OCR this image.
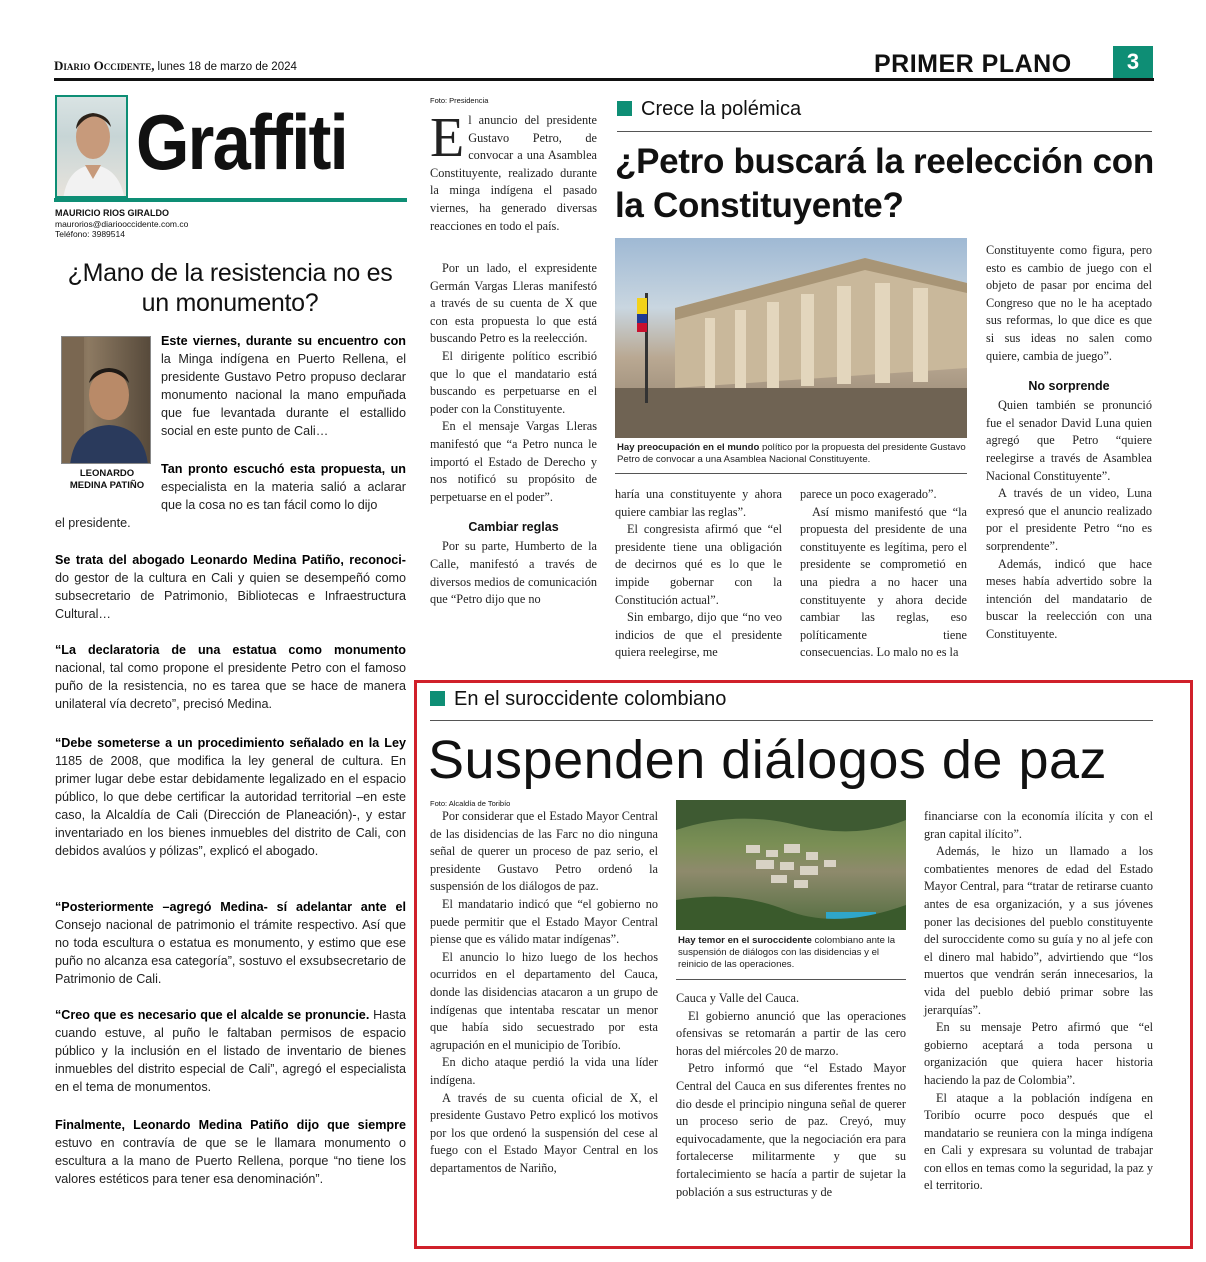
Diario Occidente, lunes 18 de marzo de 2024	PRIMER PLANO	3
Graffiti
MAURICIO RIOS GIRALDO
maurorios@diariooccidente.com.co
Teléfono: 3989514
¿Mano de la resistencia no es un monumento?
LEONARDO MEDINA PATIÑO
Este viernes, durante su encuentro con la Minga indígena en Puerto Rellena, el presidente Gustavo Petro propuso declarar monumento nacional la mano empuñada que fue levantada durante el estallido social en este punto de Cali…
Tan pronto escuchó esta propuesta, un especialista en la materia salió a aclarar que la cosa no es tan fácil como lo dijo
el presidente.
Se trata del abogado Leonardo Medina Patiño, reconoci- do gestor de la cultura en Cali y quien se desempeñó como subsecretario de Patrimonio, Bibliotecas e Infraestructura Cultural…
“La declaratoria de una estatua como monumento nacional, tal como propone el presidente Petro con el famoso puño de la resistencia, no es tarea que se hace de manera unilateral vía decreto”, precisó Medina.
“Debe someterse a un procedimiento señalado en la Ley 1185 de 2008, que modifica la ley general de cultura. En primer lugar debe estar debidamente legalizado en el espacio público, lo que debe certificar la autoridad territorial –en este caso, la Alcaldía de Cali (Dirección de Planeación)-, y estar inventariado en los bienes inmuebles del distrito de Cali, con debidos avalúos y pólizas”, explicó el abogado.
“Posteriormente –agregó Medina- sí adelantar ante el Consejo nacional de patrimonio el trámite respectivo. Así que no toda escultura o estatua es monumento, y estimo que ese puño no alcanza esa categoría”, sostuvo el exsubsecretario de Patrimonio de Cali.
“Creo que es necesario que el alcalde se pronuncie. Hasta cuando estuve, al puño le faltaban permisos de espacio público y la inclusión en el listado de inventario de bienes inmuebles del distrito especial de Cali”, agregó el especialista en el tema de monumentos.
Finalmente, Leonardo Medina Patiño dijo que siempre estuvo en contravía de que se le llamara monumento o escultura a la mano de Puerto Rellena, porque “no tiene los valores estéticos para tener esa denominación”.
Foto: Presidencia
E l anuncio del presidente Gustavo Petro, de convocar a una Asamblea Constituyente, realizado durante la minga indígena el pasado viernes, ha generado diversas reacciones en todo el país.

Por un lado, el expresidente Germán Vargas Lleras manifestó a través de su cuenta de X que con esta propuesta lo que está buscando Petro es la reelección.

El dirigente político escribió que lo que el mandatario está buscando es perpetuarse en el poder con la Constituyente.

En el mensaje Vargas Lleras manifestó que “a Petro nunca le importó el Estado de Derecho y nos notificó su propósito de perpetuarse en el poder”.

Cambiar reglas

Por su parte, Humberto de la Calle, manifestó a través de diversos medios de comunicación que “Petro dijo que no

Crece la polémica
¿Petro buscará la reelección con la Constituyente?
Hay preocupación en el mundo político por la propuesta del presidente Gustavo Petro de convocar a una Asamblea Nacional Constituyente.

haría una constituyente y ahora quiere cambiar las reglas”.

El congresista afirmó que “el presidente tiene una obligación de decirnos qué es lo que le impide gobernar con la Constitución actual”.

Sin embargo, dijo que “no veo indicios de que el presidente quiera reelegirse, me

parece un poco exagerado”.

Así mismo manifestó que “la propuesta del presidente de una constituyente es legítima, pero el presidente se comprometió en una piedra a no hacer una constituyente y ahora decide cambiar las reglas, eso políticamente tiene consecuencias. Lo malo no es la

Constituyente como figura, pero esto es cambio de juego con el objeto de pasar por encima del Congreso que no le ha aceptado sus reformas, lo que dice es que si sus ideas no salen como quiere, cambia de juego”.

No sorprende

Quien también se pronunció fue el senador David Luna quien agregó que Petro “quiere reelegirse a través de Asamblea Nacional Constituyente”.

A través de un video, Luna expresó que el anuncio realizado por el presidente Petro “no es sorprendente”.

Además, indicó que hace meses había advertido sobre la intención del mandatario de buscar la reelección con una Constituyente.

En el suroccidente colombiano
Suspenden diálogos de paz
Foto: Alcaldía de Toribío

Por considerar que el Estado Mayor Central de las disidencias de las Farc no dio ninguna señal de querer un proceso de paz serio, el presidente Gustavo Petro ordenó la suspensión de los diálogos de paz.

El mandatario indicó que “el gobierno no puede permitir que el Estado Mayor Central piense que es válido matar indígenas”.

El anuncio lo hizo luego de los hechos ocurridos en el departamento del Cauca, donde las disidencias atacaron a un grupo de indígenas que intentaba rescatar un menor que había sido secuestrado por esta agrupación en el municipio de Toribío.

En dicho ataque perdió la vida una líder indígena.

A través de su cuenta oficial de X, el presidente Gustavo Petro explicó los motivos por los que ordenó la suspensión del cese al fuego con el Estado Mayor Central en los departamentos de Nariño,

Hay temor en el suroccidente colombiano ante la suspensión de diálogos con las disidencias y el reinicio de las operaciones.

Cauca y Valle del Cauca.

El gobierno anunció que las operaciones ofensivas se retomarán a partir de las cero horas del miércoles 20 de marzo.

Petro informó que “el Estado Mayor Central del Cauca en sus diferentes frentes no dio desde el principio ninguna señal de querer un proceso serio de paz. Creyó, muy equivocadamente, que la negociación era para fortalecerse militarmente y que su fortalecimiento se hacía a partir de sujetar la población a sus estructuras y de

financiarse con la economía ilícita y con el gran capital ilícito”.

Además, le hizo un llamado a los combatientes menores de edad del Estado Mayor Central, para “tratar de retirarse cuanto antes de esa organización, y a sus jóvenes poner las decisiones del pueblo constituyente del suroccidente como su guía y no al jefe con el dinero mal habido”, advirtiendo que “los muertos que vendrán serán innecesarios, la vida del pueblo debió primar sobre las jerarquías”.

En su mensaje Petro afirmó que “el gobierno aceptará a toda persona u organización que quiera hacer historia haciendo la paz de Colombia”.

El ataque a la población indígena en Toribío ocurre poco después que el mandatario se reuniera con la minga indígena en Cali y expresara su voluntad de trabajar con ellos en temas como la seguridad, la paz y el territorio.
